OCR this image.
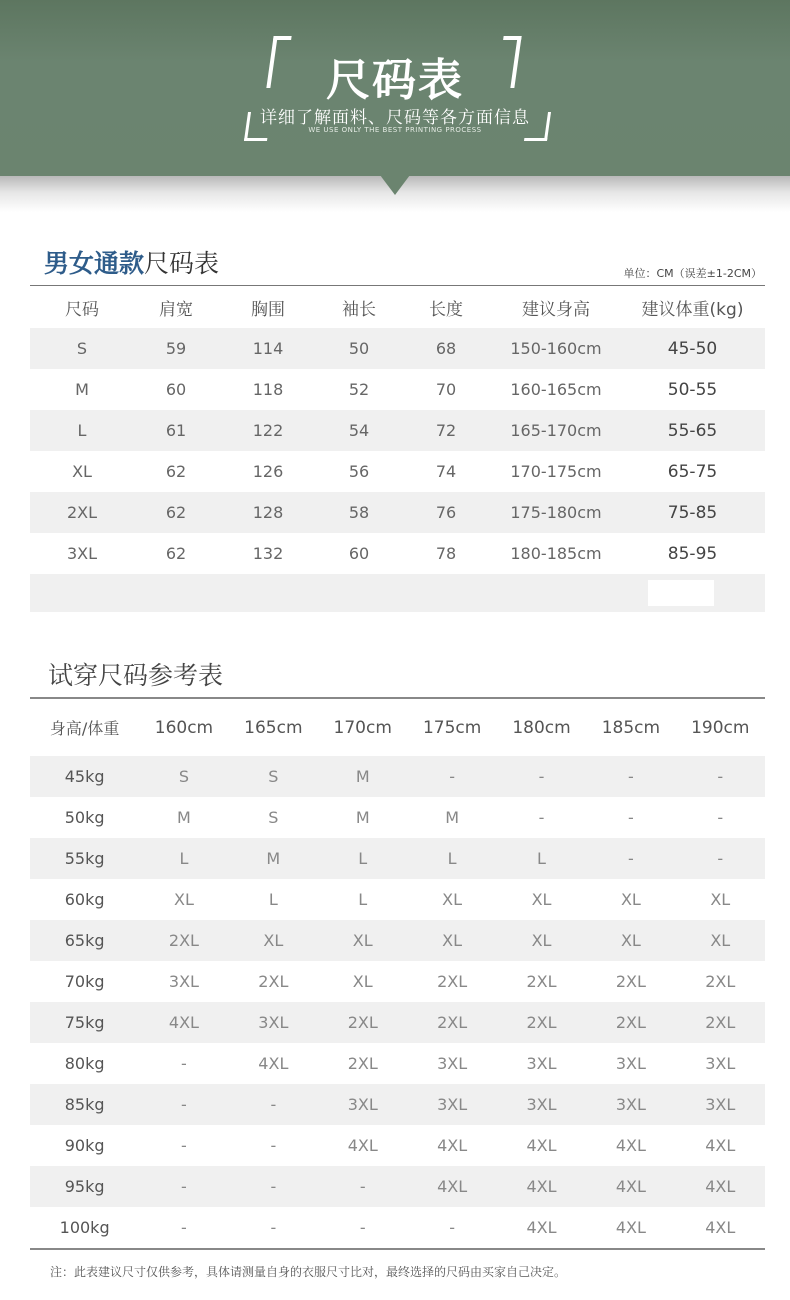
尺码表
详细了解面料、尺码等各方面信息
WE USE ONLY THE BEST PRINTING PROCESS
男女通款尺码表	单位：CM（误差±1-2CM）
尺码	肩宽	胸围	袖长	长度	建议身高	建议体重(kg)
S	59	114	50	68	150-160cm	45-50
M	60	118	52	70	160-165cm	50-55
L	61	122	54	72	165-170cm	55-65
XL	62	126	56	74	170-175cm	65-75
2XL	62	128	58	76	175-180cm	75-85
3XL	62	132	60	78	180-185cm	85-95
试穿尺码参考表
身高/体重	160cm	165cm	170cm	175cm	180cm	185cm	190cm
45kg	S	S	M	-	-	-	-
50kg	M	S	M	M	-	-	-
55kg	L	M	L	L	L	-	-
60kg	XL	L	L	XL	XL	XL	XL
65kg	2XL	XL	XL	XL	XL	XL	XL
70kg	3XL	2XL	XL	2XL	2XL	2XL	2XL
75kg	4XL	3XL	2XL	2XL	2XL	2XL	2XL
80kg	-	4XL	2XL	3XL	3XL	3XL	3XL
85kg	-	-	3XL	3XL	3XL	3XL	3XL
90kg	-	-	4XL	4XL	4XL	4XL	4XL
95kg	-	-	-	4XL	4XL	4XL	4XL
100kg	-	-	-	-	4XL	4XL	4XL
注：此表建议尺寸仅供参考，具体请测量自身的衣服尺寸比对，最终选择的尺码由买家自己决定。
